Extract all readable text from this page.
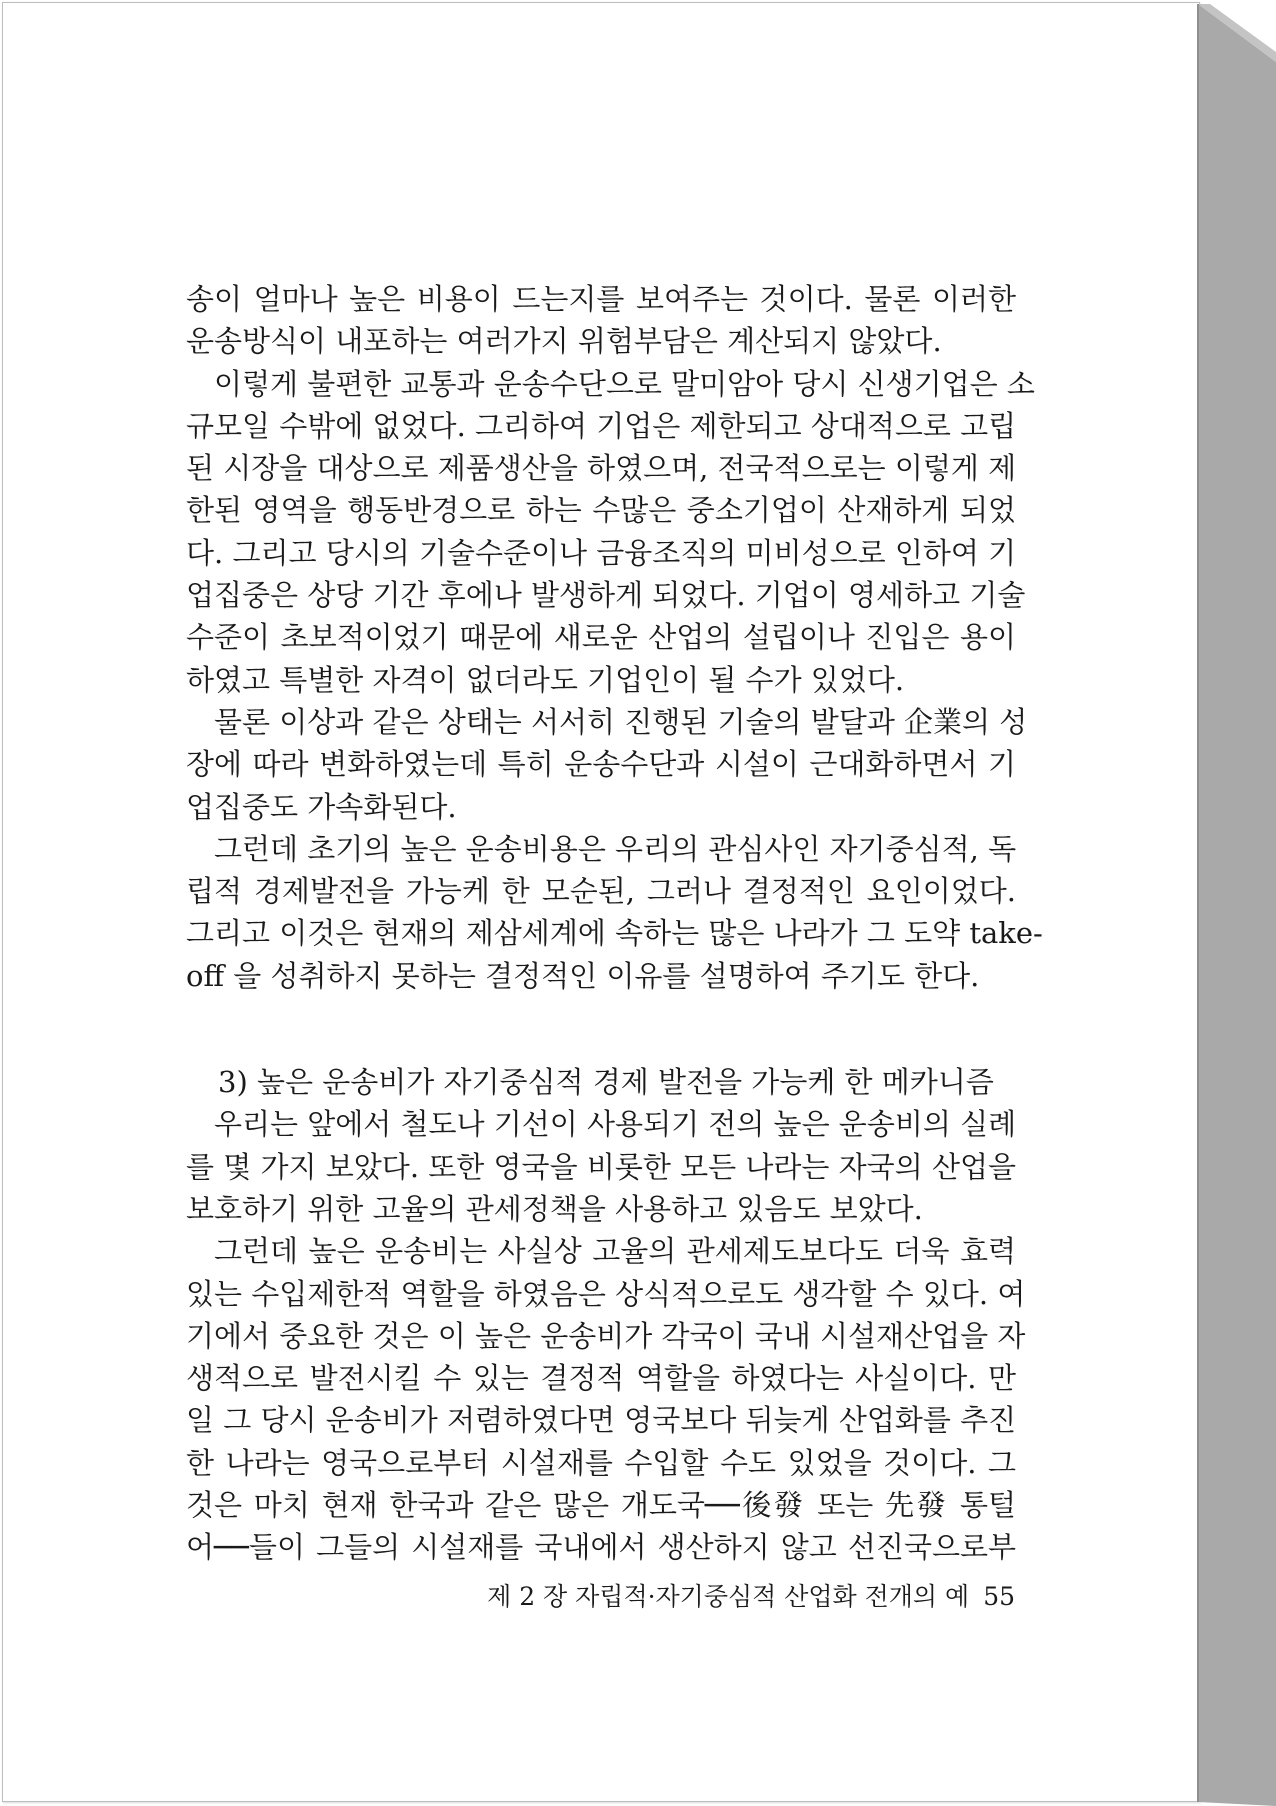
송이 얼마나 높은 비용이 드는지를 보여주는 것이다. 물론 이러한
운송방식이 내포하는 여러가지 위험부담은 계산되지 않았다.
이렇게 불편한 교통과 운송수단으로 말미암아 당시 신생기업은 소
규모일 수밖에 없었다. 그리하여 기업은 제한되고 상대적으로 고립
된 시장을 대상으로 제품생산을 하였으며, 전국적으로는 이렇게 제
한된 영역을 행동반경으로 하는 수많은 중소기업이 산재하게 되었
다. 그리고 당시의 기술수준이나 금융조직의 미비성으로 인하여 기
업집중은 상당 기간 후에나 발생하게 되었다. 기업이 영세하고 기술
수준이 초보적이었기 때문에 새로운 산업의 설립이나 진입은 용이
하였고 특별한 자격이 없더라도 기업인이 될 수가 있었다.
물론 이상과 같은 상태는 서서히 진행된 기술의 발달과 企業의 성
장에 따라 변화하였는데 특히 운송수단과 시설이 근대화하면서 기
업집중도 가속화된다.
그런데 초기의 높은 운송비용은 우리의 관심사인 자기중심적, 독
립적 경제발전을 가능케 한 모순된, 그러나 결정적인 요인이었다.
그리고 이것은 현재의 제삼세계에 속하는 많은 나라가 그 도약 take-
off 을 성취하지 못하는 결정적인 이유를 설명하여 주기도 한다.
3) 높은 운송비가 자기중심적 경제 발전을 가능케 한 메카니즘
우리는 앞에서 철도나 기선이 사용되기 전의 높은 운송비의 실례
를 몇 가지 보았다. 또한 영국을 비롯한 모든 나라는 자국의 산업을
보호하기 위한 고율의 관세정책을 사용하고 있음도 보았다.
그런데 높은 운송비는 사실상 고율의 관세제도보다도 더욱 효력
있는 수입제한적 역할을 하였음은 상식적으로도 생각할 수 있다. 여
기에서 중요한 것은 이 높은 운송비가 각국이 국내 시설재산업을 자
생적으로 발전시킬 수 있는 결정적 역할을 하였다는 사실이다. 만
일 그 당시 운송비가 저렴하였다면 영국보다 뒤늦게 산업화를 추진
한 나라는 영국으로부터 시설재를 수입할 수도 있었을 것이다. 그
것은 마치 현재 한국과 같은 많은 개도국──後發 또는 先發 통털
어──들이 그들의 시설재를 국내에서 생산하지 않고 선진국으로부
제 2 장 자립적·자기중심적 산업화 전개의 예 55
